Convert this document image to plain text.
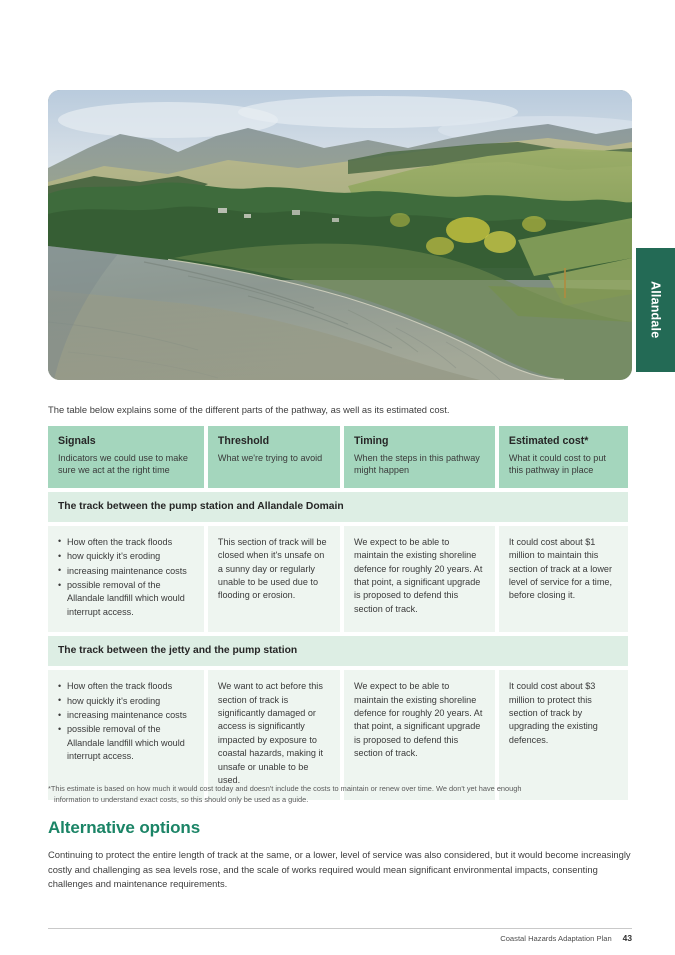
Allandale
The table below explains some of the different parts of the pathway, as well as its estimated cost.
Signals
Indicators we could use to make sure we act at the right time
Threshold
What we're trying to avoid
Timing
When the steps in this pathway might happen
Estimated cost*
What it could cost to put this pathway in place
The track between the pump station and Allandale Domain
• How often the track floods
• how quickly it's eroding
• increasing maintenance costs
• possible removal of the Allandale landfill which would interrupt access.
This section of track will be closed when it's unsafe on a sunny day or regularly unable to be used due to flooding or erosion.
We expect to be able to maintain the existing shoreline defence for roughly 20 years. At that point, a significant upgrade is proposed to defend this section of track.
It could cost about $1 million to maintain this section of track at a lower level of service for a time, before closing it.
The track between the jetty and the pump station
• How often the track floods
• how quickly it's eroding
• increasing maintenance costs
• possible removal of the Allandale landfill which would interrupt access.
We want to act before this section of track is significantly damaged or access is significantly impacted by exposure to coastal hazards, making it unsafe or unable to be used.
We expect to be able to maintain the existing shoreline defence for roughly 20 years. At that point, a significant upgrade is proposed to defend this section of track.
It could cost about $3 million to protect this section of track by upgrading the existing defences.
*This estimate is based on how much it would cost today and doesn't include the costs to maintain or renew over time. We don't yet have enough
information to understand exact costs, so this should only be used as a guide.
Alternative options
Continuing to protect the entire length of track at the same, or a lower, level of service was also considered, but it would become increasingly costly and challenging as sea levels rose, and the scale of works required would mean significant environmental impacts, consenting challenges and maintenance requirements.
Coastal Hazards Adaptation Plan 43
